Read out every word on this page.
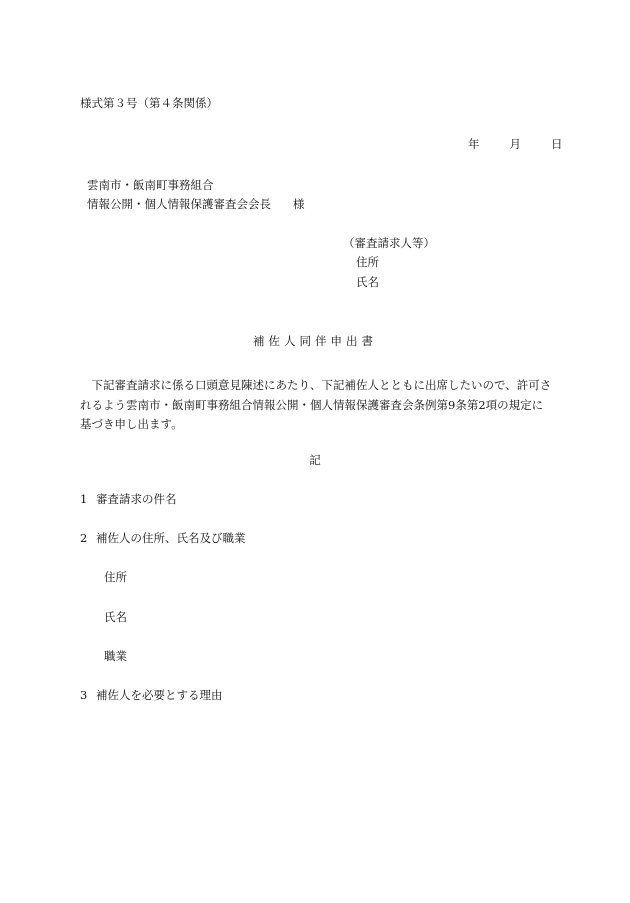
様式第３号（第４条関係）
年	月	日
雲南市・飯南町事務組合
情報公開・個人情報保護審査会会長 様
（審査請求人等）
住所
氏名
補佐人同伴申出書
下記審査請求に係る口頭意見陳述にあたり、下記補佐人とともに出席したいので、許可されるよう雲南市・飯南町事務組合情報公開・個人情報保護審査会条例第9条第2項の規定に基づき申し出ます。
記
1 審査請求の件名
2 補佐人の住所、氏名及び職業
住所
氏名
職業
3 補佐人を必要とする理由
